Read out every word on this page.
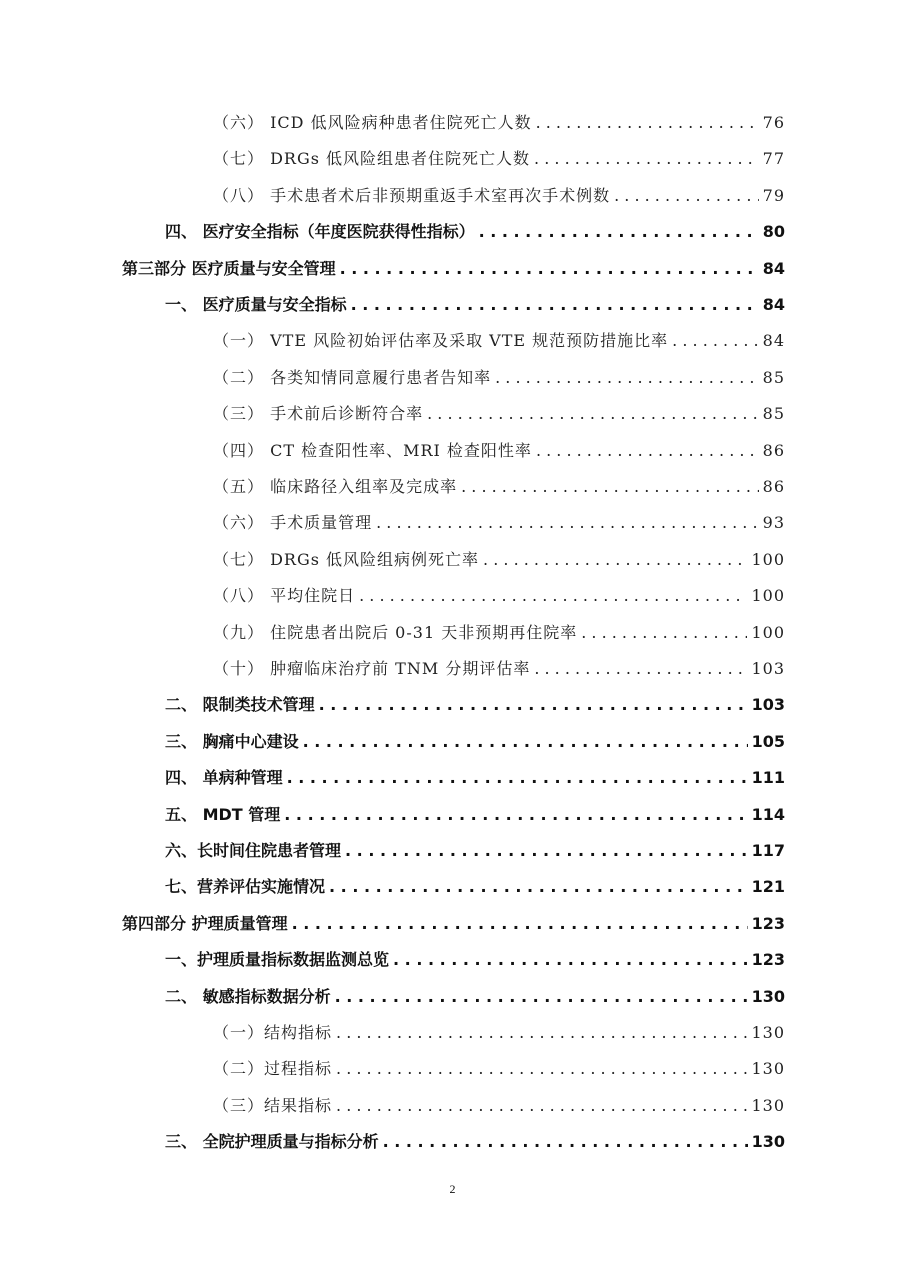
（六） ICD 低风险病种患者住院死亡人数 . . .	76
（七） DRGs 低风险组患者住院死亡人数 . . .	77
（八） 手术患者术后非预期重返手术室再次手术例数 . . .	79
四、 医疗安全指标（年度医院获得性指标） . . .	80
第三部分 医疗质量与安全管理 . . .	84
一、 医疗质量与安全指标 . . .	84
（一） VTE 风险初始评估率及采取 VTE 规范预防措施比率 . . .	84
（二） 各类知情同意履行患者告知率 . . .	85
（三） 手术前后诊断符合率 . . .	85
（四） CT 检查阳性率、MRI 检查阳性率 . . .	86
（五） 临床路径入组率及完成率 . . .	86
（六） 手术质量管理 . . .	93
（七） DRGs 低风险组病例死亡率 . . .	100
（八） 平均住院日 . . .	100
（九） 住院患者出院后 0-31 天非预期再住院率 . . .	100
（十） 肿瘤临床治疗前 TNM 分期评估率 . . .	103
二、 限制类技术管理 . . .	103
三、 胸痛中心建设 . . .	105
四、 单病种管理 . . .	111
五、 MDT 管理 . . .	114
六、长时间住院患者管理 . . .	117
七、营养评估实施情况 . . .	121
第四部分 护理质量管理 . . .	123
一、护理质量指标数据监测总览 . . .	123
二、 敏感指标数据分析 . . .	130
（一）结构指标 . . .	130
（二）过程指标 . . .	130
（三）结果指标 . . .	130
三、 全院护理质量与指标分析 . . .	130
2
